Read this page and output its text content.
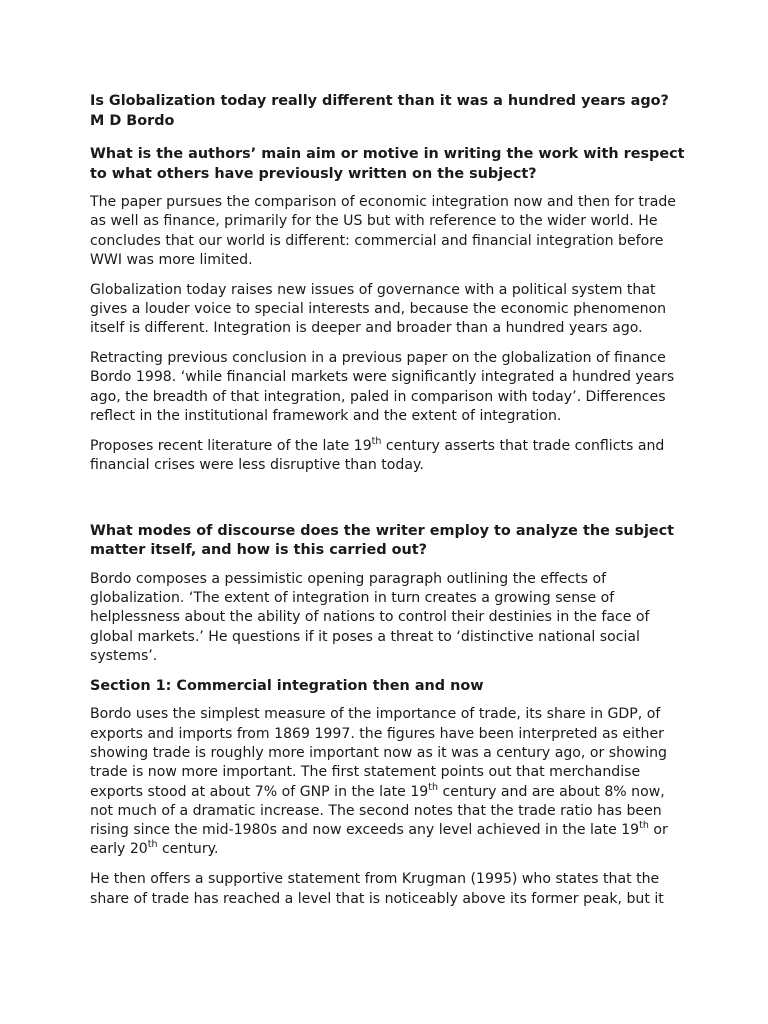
Is Globalization today really different than it was a hundred years ago?
M D Bordo
What is the authors’ main aim or motive in writing the work with respect
to what others have previously written on the subject?

The paper pursues the comparison of economic integration now and then for trade
as well as finance, primarily for the US but with reference to the wider world. He
concludes that our world is different: commercial and financial integration before
WWI was more limited.

Globalization today raises new issues of governance with a political system that
gives a louder voice to special interests and, because the economic phenomenon
itself is different. Integration is deeper and broader than a hundred years ago.

Retracting previous conclusion in a previous paper on the globalization of finance
Bordo 1998. ‘while financial markets were significantly integrated a hundred years
ago, the breadth of that integration, paled in comparison with today’. Differences
reflect in the institutional framework and the extent of integration.

Proposes recent literature of the late 19th century asserts that trade conflicts and
financial crises were less disruptive than today.

What modes of discourse does the writer employ to analyze the subject
matter itself, and how is this carried out?

Bordo composes a pessimistic opening paragraph outlining the effects of
globalization. ‘The extent of integration in turn creates a growing sense of
helplessness about the ability of nations to control their destinies in the face of
global markets.’ He questions if it poses a threat to ‘distinctive national social
systems’.

Section 1: Commercial integration then and now

Bordo uses the simplest measure of the importance of trade, its share in GDP, of
exports and imports from 1869 1997. the figures have been interpreted as either
showing trade is roughly more important now as it was a century ago, or showing
trade is now more important. The first statement points out that merchandise
exports stood at about 7% of GNP in the late 19th century and are about 8% now,
not much of a dramatic increase. The second notes that the trade ratio has been
rising since the mid-1980s and now exceeds any level achieved in the late 19th or
early 20th century.

He then offers a supportive statement from Krugman (1995) who states that the
share of trade has reached a level that is noticeably above its former peak, but it
